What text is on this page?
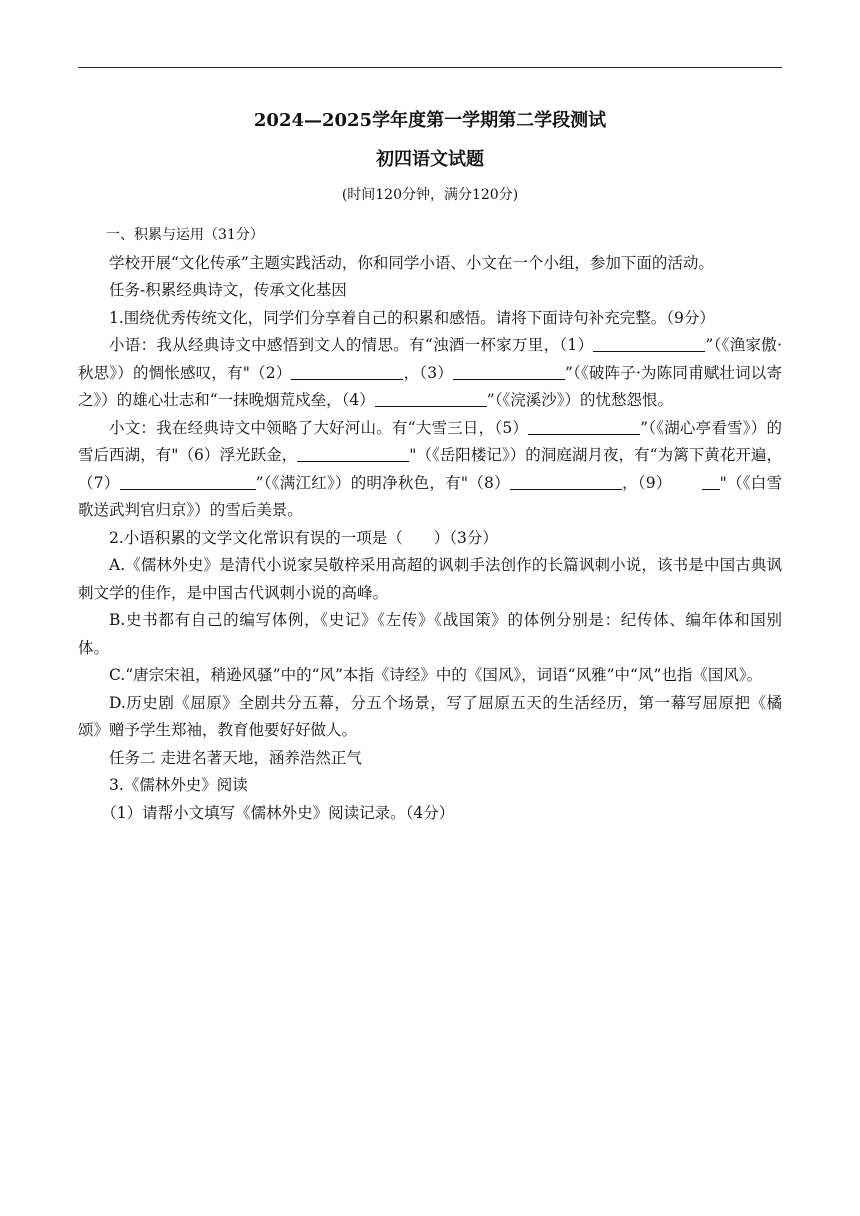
2024—2025学年度第一学期第二学段测试
初四语文试题
(时间120分钟，满分120分)

一、积累与运用（31分）

学校开展“文化传承”主题实践活动，你和同学小语、小文在一个小组，参加下面的活动。

任务-积累经典诗文，传承文化基因

1.围绕优秀传统文化，同学们分享着自己的积累和感悟。请将下面诗句补充完整。（9分）

小语：我从经典诗文中感悟到文人的情思。有“浊酒一杯家万里，（1）	”（《渔家傲·秋思》）的惆怅感叹，有"（2）	，（3）	”（《破阵子·为陈同甫赋壮词以寄之》）的雄心壮志和“一抹晚烟荒戍垒，（4）	”（《浣溪沙》）的忧愁怨恨。

小文：我在经典诗文中领略了大好河山。有“大雪三日，（5）	”（《湖心亭看雪》）的雪后西湖，有"（6）浮光跃金，	"（《岳阳楼记》）的洞庭湖月夜，有“为篱下黄花开遍，（7）	”（《满江红》）的明净秋色，有"（8）	，（9）	"（《白雪歌送武判官归京》）的雪后美景。

2.小语积累的文学文化常识有误的一项是（　　）（3分）

A.《儒林外史》是清代小说家吴敬梓采用高超的讽刺手法创作的长篇讽刺小说，该书是中国古典讽刺文学的佳作，是中国古代讽刺小说的高峰。

B.史书都有自己的编写体例，《史记》《左传》《战国策》的体例分别是：纪传体、编年体和国别体。

C.“唐宗宋祖，稍逊风骚”中的“风”本指《诗经》中的《国风》，词语“风雅”中“风”也指《国风》。

D.历史剧《屈原》全剧共分五幕，分五个场景，写了屈原五天的生活经历，第一幕写屈原把《橘颂》赠予学生郑袖，教育他要好好做人。

任务二 走进名著天地，涵养浩然正气

3.《儒林外史》阅读

（1）请帮小文填写《儒林外史》阅读记录。（4分）
